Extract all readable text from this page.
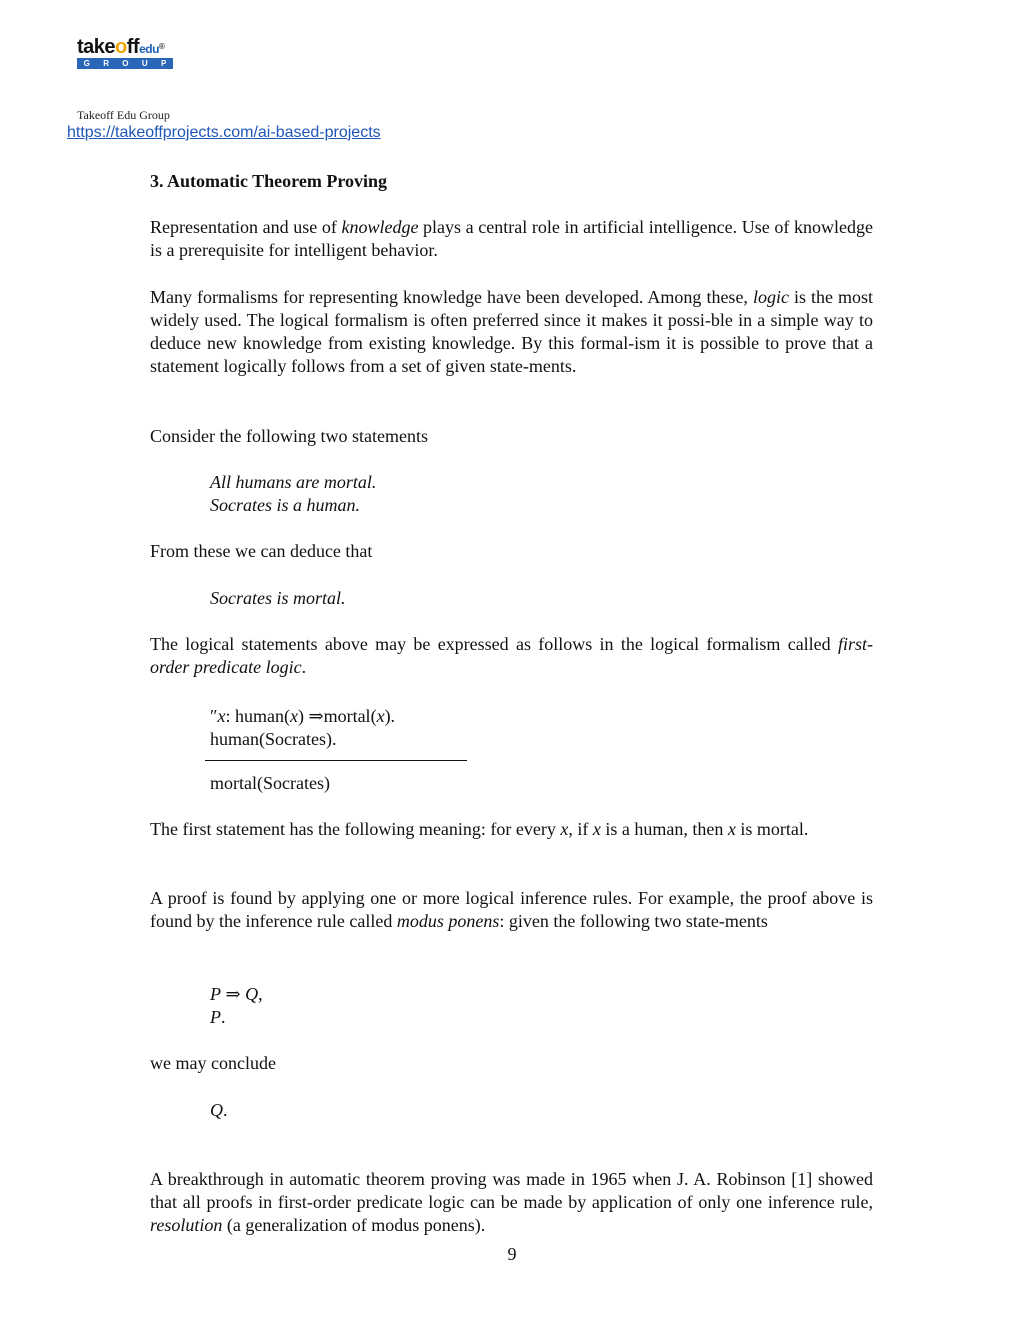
takeoffedu®
G R O U P
Takeoff Edu Group
https://takeoffprojects.com/ai-based-projects
3. Automatic Theorem Proving
Representation and use of knowledge plays a central role in artificial intelligence. Use of knowledge is a prerequisite for intelligent behavior.
Many formalisms for representing knowledge have been developed. Among these, logic is the most widely used. The logical formalism is often preferred since it makes it possi-ble in a simple way to deduce new knowledge from existing knowledge. By this formal-ism it is possible to prove that a statement logically follows from a set of given state-ments.
Consider the following two statements
All humans are mortal.
Socrates is a human.
From these we can deduce that
Socrates is mortal.
The logical statements above may be expressed as follows in the logical formalism called first-order predicate logic.
″x: human(x) ⇒mortal(x).
human(Socrates).
mortal(Socrates)
The first statement has the following meaning: for every x, if x is a human, then x is mortal.
A proof is found by applying one or more logical inference rules. For example, the proof above is found by the inference rule called modus ponens: given the following two state-ments
P ⇒ Q,
P.
we may conclude
Q.
A breakthrough in automatic theorem proving was made in 1965 when J. A. Robinson [1] showed that all proofs in first-order predicate logic can be made by application of only one inference rule, resolution (a generalization of modus ponens).
9
